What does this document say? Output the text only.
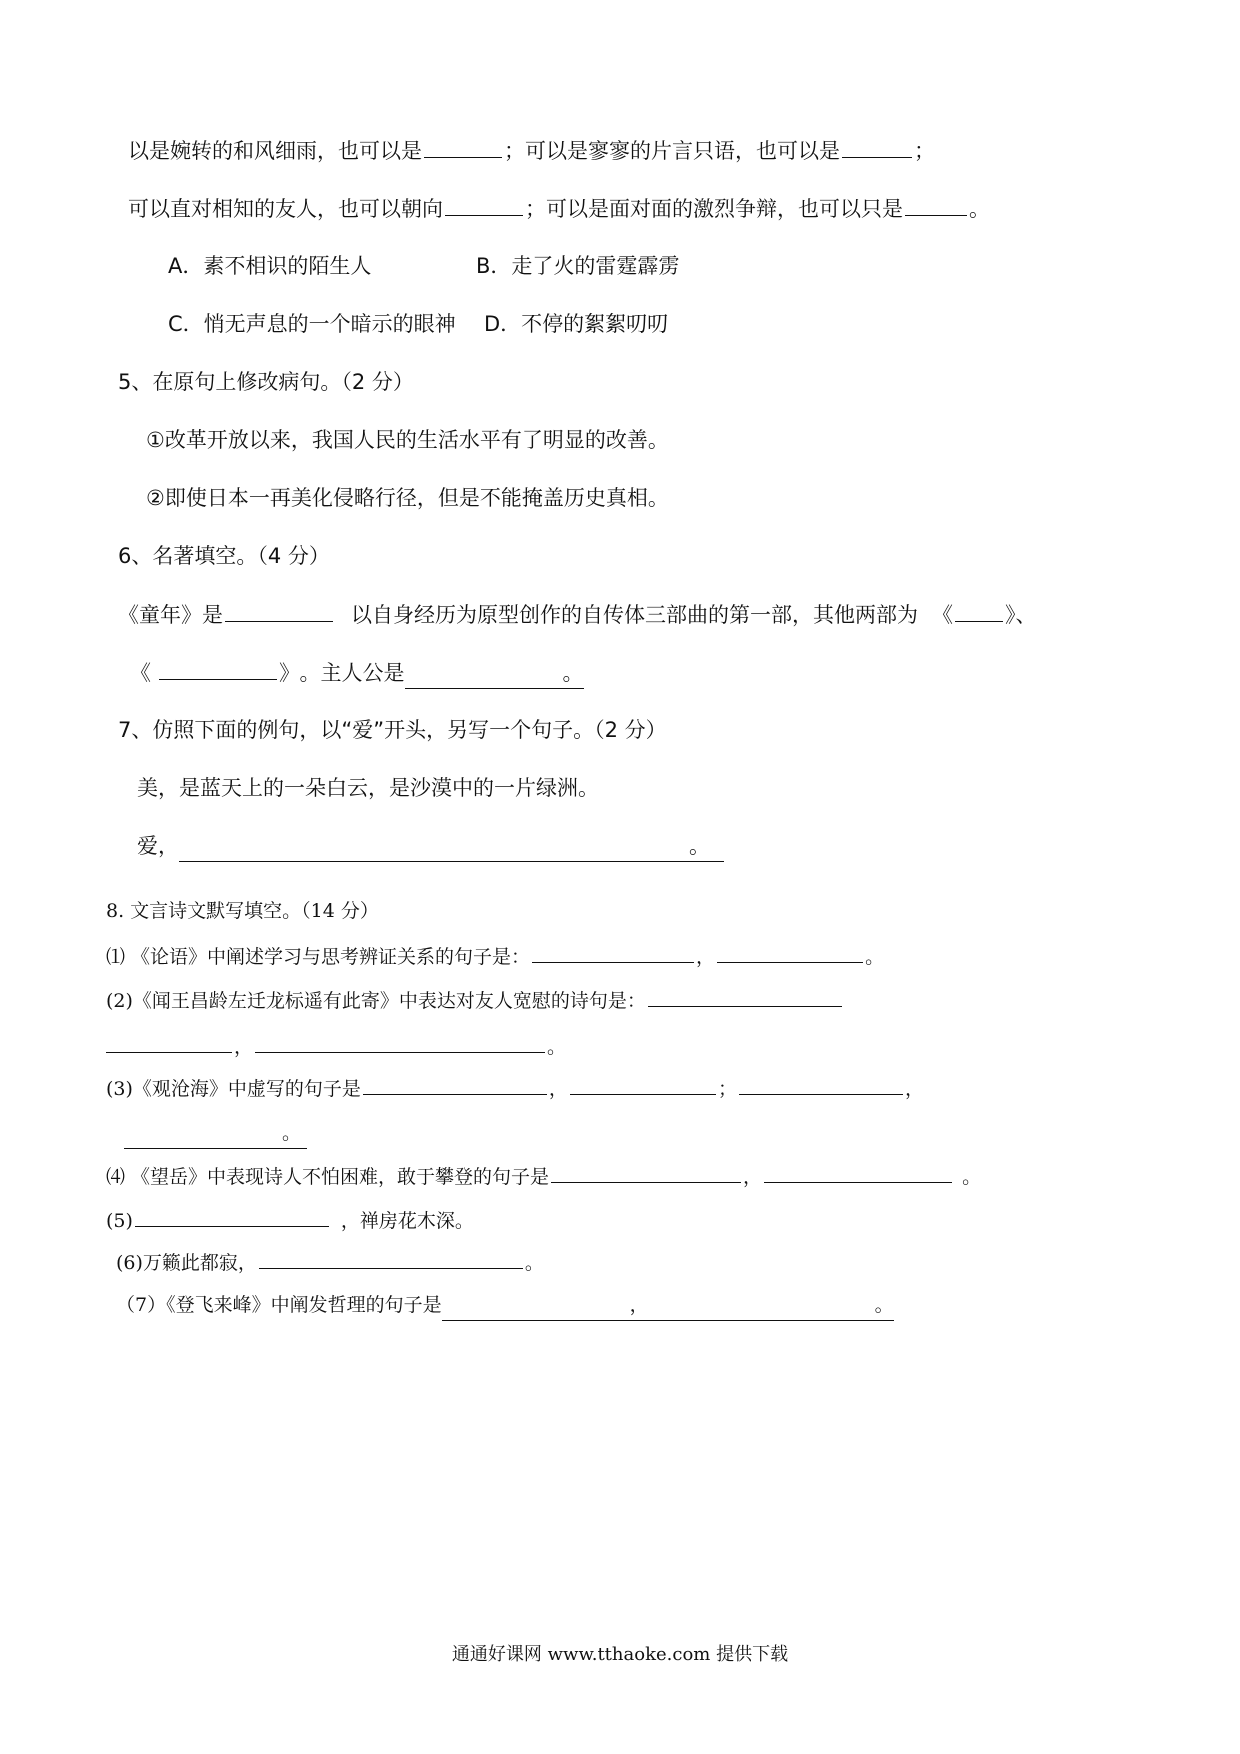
以是婉转的和风细雨，也可以是	；可以是寥寥的片言只语，也可以是	；
可以直对相知的友人，也可以朝向	；可以是面对面的激烈争辩，也可以只是	。
A．素不相识的陌生人	B．走了火的雷霆霹雳
C．悄无声息的一个暗示的眼神 D．不停的絮絮叨叨
5、在原句上修改病句。（2 分）
①改革开放以来，我国人民的生活水平有了明显的改善。
②即使日本一再美化侵略行径，但是不能掩盖历史真相。
6、名著填空。（4 分）
《童年》是	以自身经历为原型创作的自传体三部曲的第一部，其他两部为 《 》、
《	》 。主人公是	。
7、仿照下面的例句，以“爱”开头，另写一个句子。（2 分）
美，是蓝天上的一朵白云，是沙漠中的一片绿洲。
爱，	。
8. 文言诗文默写填空。（14 分）
⑴ 《论语》中阐述学习与思考辨证关系的句子是：	，	。
(2)《闻王昌龄左迁龙标遥有此寄》中表达对友人宽慰的诗句是：
，	。
(3)《观沧海》中虚写的句子是	，	；	，
。
⑷ 《望岳》中表现诗人不怕困难，敢于攀登的句子是	，	。
(5)	，禅房花木深。
(6)万籁此都寂，	。
（7）《登飞来峰》中阐发哲理的句子是	，	。
通通好课网 www.tthaoke.com 提供下载
